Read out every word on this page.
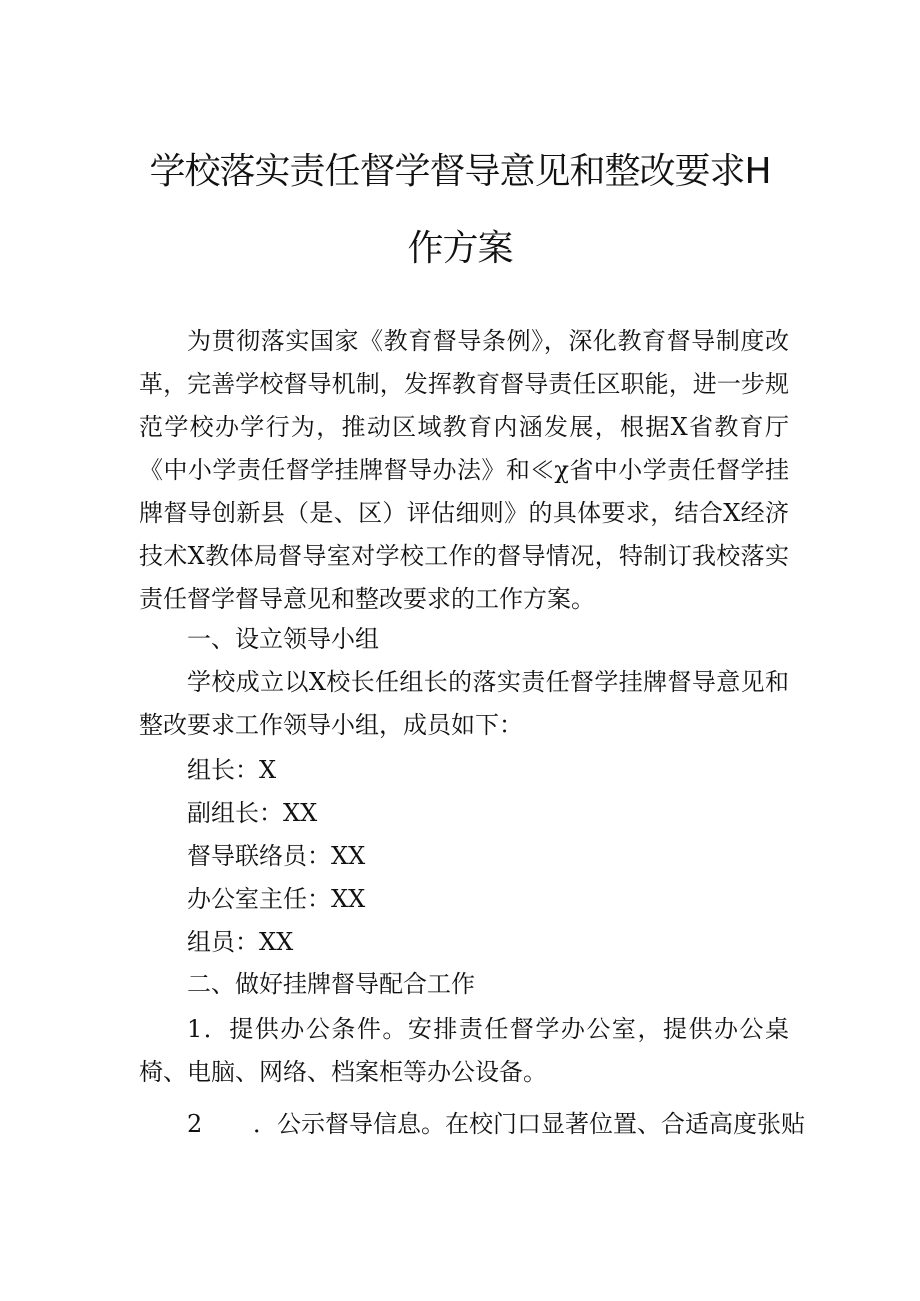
学校落实责任督学督导意见和整改要求H
作方案

为贯彻落实国家《教育督导条例》，深化教育督导制度改革，完善学校督导机制，发挥教育督导责任区职能，进一步规范学校办学行为，推动区域教育内涵发展，根据X省教育厅《中小学责任督学挂牌督导办法》和≪χ省中小学责任督学挂牌督导创新县（是、区）评估细则》的具体要求，结合X经济技术X教体局督导室对学校工作的督导情况，特制订我校落实责任督学督导意见和整改要求的工作方案。

一、设立领导小组

学校成立以X校长任组长的落实责任督学挂牌督导意见和整改要求工作领导小组，成员如下：

组长：X
副组长：XX
督导联络员：XX
办公室主任：XX
组员：XX
二、做好挂牌督导配合工作

1．提供办公条件。安排责任督学办公室，提供办公桌椅、电脑、网络、档案柜等办公设备。

2 ．公示督导信息。在校门口显著位置、合适高度张贴
